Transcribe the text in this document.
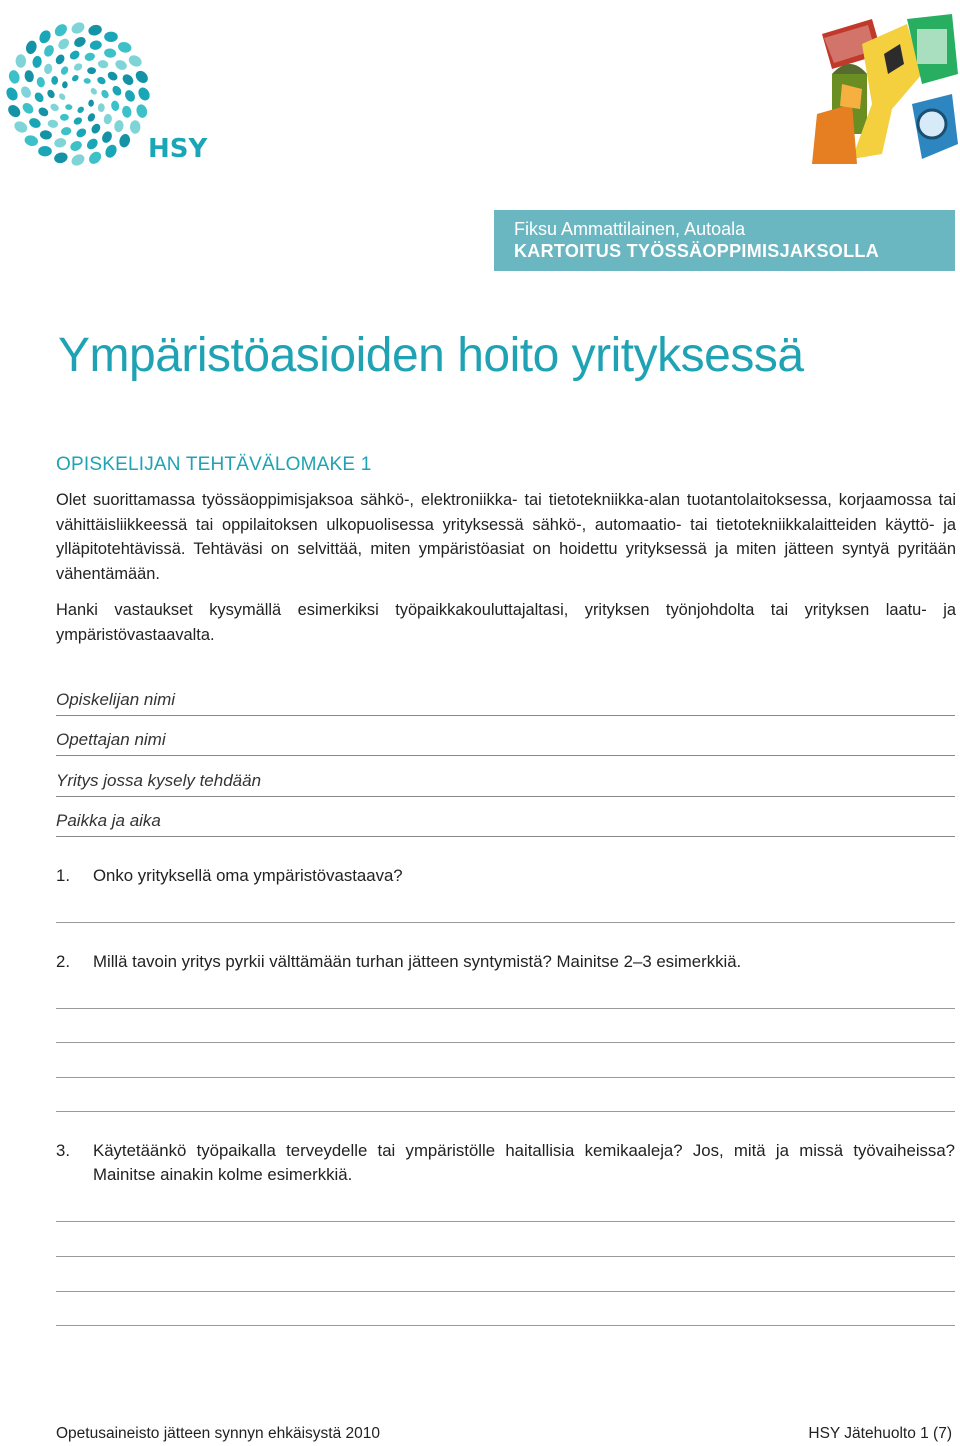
HSY
Fiksu Ammattilainen, Autoala
KARTOITUS TYÖSSÄOPPIMISJAKSOLLA
Ympäristöasioiden hoito yrityksessä
OPISKELIJAN TEHTÄVÄLOMAKE 1

Olet suorittamassa työssäoppimisjaksoa sähkö-, elektroniikka- tai tietotekniikka-alan tuotantolaitoksessa, korjaamossa tai vähittäisliikkeessä tai oppilaitoksen ulkopuolisessa yrityksessä sähkö-, automaatio- tai tietotekniikkalaitteiden käyttö- ja ylläpitotehtävissä. Tehtäväsi on selvittää, miten ympäristöasiat on hoidettu yrityksessä ja miten jätteen syntyä pyritään vähentämään.

Hanki vastaukset kysymällä esimerkiksi työpaikkakouluttajaltasi, yrityksen työnjohdolta tai yrityksen laatu- ja ympäristövastaavalta.

Opiskelijan nimi
Opettajan nimi
Yritys jossa kysely tehdään
Paikka ja aika
1. Onko yrityksellä oma ympäristövastaava?
2. Millä tavoin yritys pyrkii välttämään turhan jätteen syntymistä? Mainitse 2–3 esimerkkiä.
3. Käytetäänkö työpaikalla terveydelle tai ympäristölle haitallisia kemikaaleja? Jos, mitä ja missä työvaiheissa? Mainitse ainakin kolme esimerkkiä.
Opetusaineisto jätteen synnyn ehkäisystä 2010	HSY Jätehuolto 1 (7)
